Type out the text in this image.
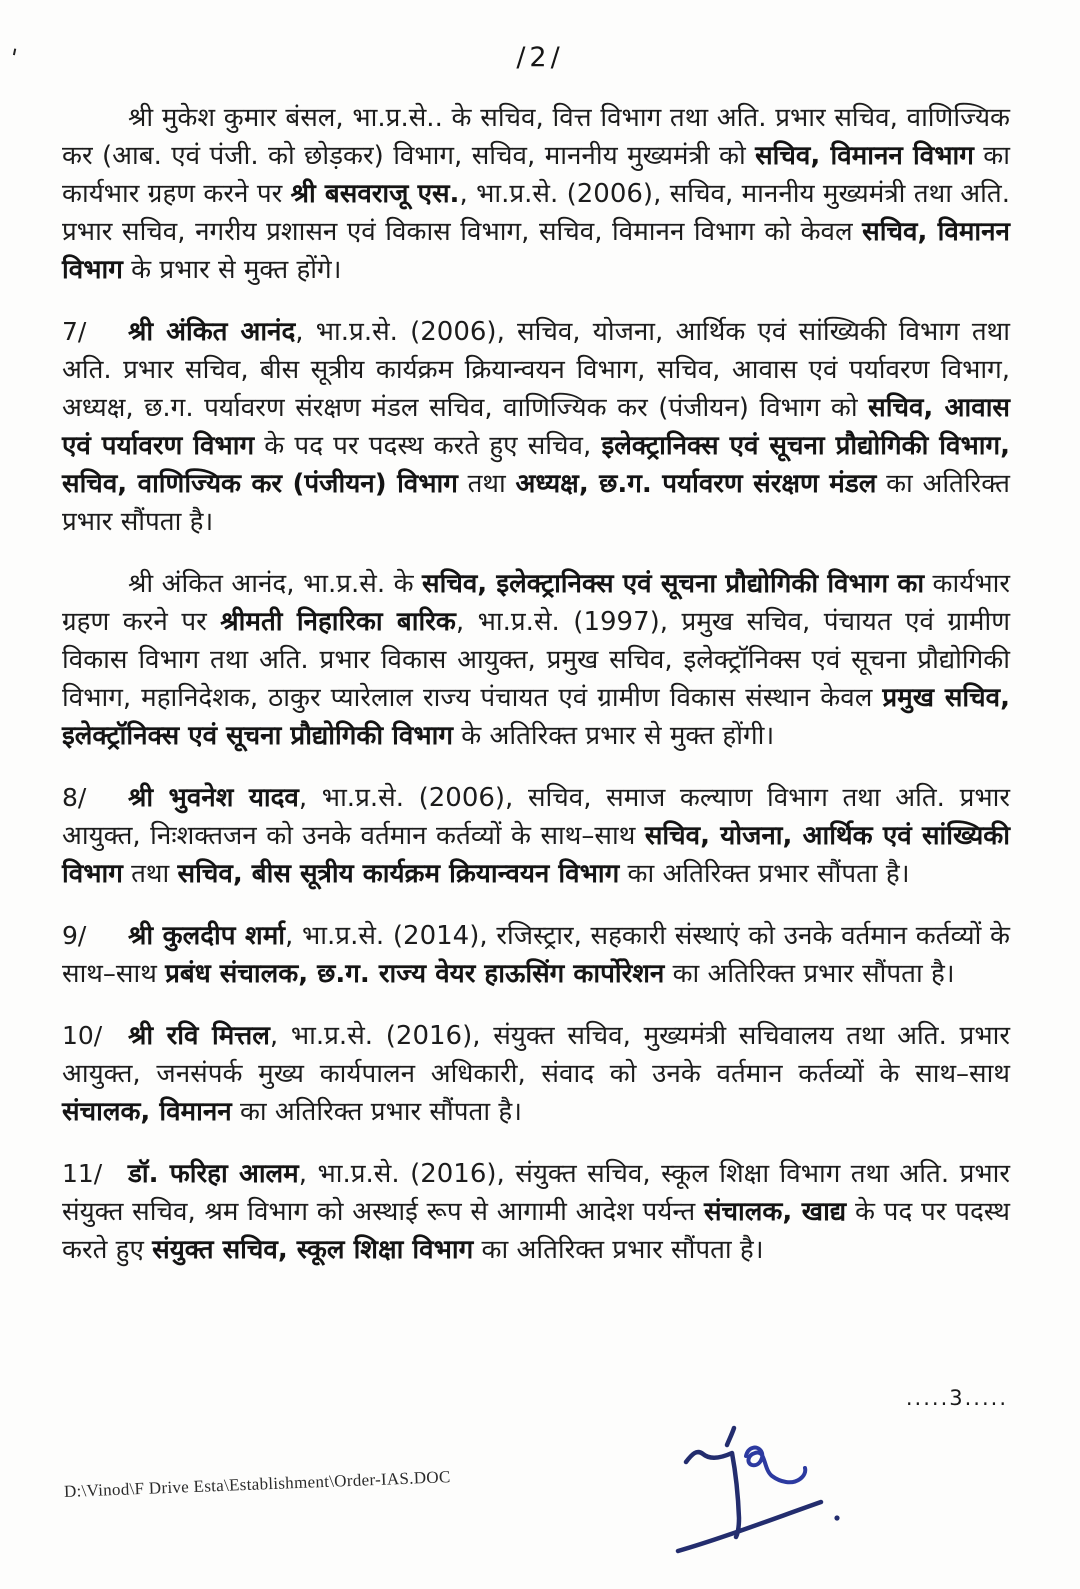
'	/2/

श्री मुकेश कुमार बंसल, भा.प्र.से.. के सचिव, वित्त विभाग तथा अति. प्रभार सचिव, वाणिज्यिक कर (आब. एवं पंजी. को छोड़कर) विभाग, सचिव, माननीय मुख्यमंत्री को सचिव, विमानन विभाग का कार्यभार ग्रहण करने पर श्री बसवराजू एस., भा.प्र.से. (2006), सचिव, माननीय मुख्यमंत्री तथा अति. प्रभार सचिव, नगरीय प्रशासन एवं विकास विभाग, सचिव, विमानन विभाग को केवल सचिव, विमानन विभाग के प्रभार से मुक्त होंगे।

7/ श्री अंकित आनंद, भा.प्र.से. (2006), सचिव, योजना, आर्थिक एवं सांख्यिकी विभाग तथा अति. प्रभार सचिव, बीस सूत्रीय कार्यक्रम क्रियान्वयन विभाग, सचिव, आवास एवं पर्यावरण विभाग, अध्यक्ष, छ.ग. पर्यावरण संरक्षण मंडल सचिव, वाणिज्यिक कर (पंजीयन) विभाग को सचिव, आवास एवं पर्यावरण विभाग के पद पर पदस्थ करते हुए सचिव, इलेक्ट्रानिक्स एवं सूचना प्रौद्योगिकी विभाग, सचिव, वाणिज्यिक कर (पंजीयन) विभाग तथा अध्यक्ष, छ.ग. पर्यावरण संरक्षण मंडल का अतिरिक्त प्रभार सौंपता है।

श्री अंकित आनंद, भा.प्र.से. के सचिव, इलेक्ट्रानिक्स एवं सूचना प्रौद्योगिकी विभाग का कार्यभार ग्रहण करने पर श्रीमती निहारिका बारिक, भा.प्र.से. (1997), प्रमुख सचिव, पंचायत एवं ग्रामीण विकास विभाग तथा अति. प्रभार विकास आयुक्त, प्रमुख सचिव, इलेक्ट्रॉनिक्स एवं सूचना प्रौद्योगिकी विभाग, महानिदेशक, ठाकुर प्यारेलाल राज्य पंचायत एवं ग्रामीण विकास संस्थान केवल प्रमुख सचिव, इलेक्ट्रॉनिक्स एवं सूचना प्रौद्योगिकी विभाग के अतिरिक्त प्रभार से मुक्त होंगी।

8/ श्री भुवनेश यादव, भा.प्र.से. (2006), सचिव, समाज कल्याण विभाग तथा अति. प्रभार आयुक्त, निःशक्तजन को उनके वर्तमान कर्तव्यों के साथ–साथ सचिव, योजना, आर्थिक एवं सांख्यिकी विभाग तथा सचिव, बीस सूत्रीय कार्यक्रम क्रियान्वयन विभाग का अतिरिक्त प्रभार सौंपता है।

9/ श्री कुलदीप शर्मा, भा.प्र.से. (2014), रजिस्ट्रार, सहकारी संस्थाएं को उनके वर्तमान कर्तव्यों के साथ–साथ प्रबंध संचालक, छ.ग. राज्य वेयर हाऊसिंग कार्पोरेशन का अतिरिक्त प्रभार सौंपता है।

10/ श्री रवि मित्तल, भा.प्र.से. (2016), संयुक्त सचिव, मुख्यमंत्री सचिवालय तथा अति. प्रभार आयुक्त, जनसंपर्क मुख्य कार्यपालन अधिकारी, संवाद को उनके वर्तमान कर्तव्यों के साथ–साथ संचालक, विमानन का अतिरिक्त प्रभार सौंपता है।

11/ डॉ. फरिहा आलम, भा.प्र.से. (2016), संयुक्त सचिव, स्कूल शिक्षा विभाग तथा अति. प्रभार संयुक्त सचिव, श्रम विभाग को अस्थाई रूप से आगामी आदेश पर्यन्त संचालक, खाद्य के पद पर पदस्थ करते हुए संयुक्त सचिव, स्कूल शिक्षा विभाग का अतिरिक्त प्रभार सौंपता है।

.....3.....
D:\Vinod\F Drive Esta\Establishment\Order-IAS.DOC
